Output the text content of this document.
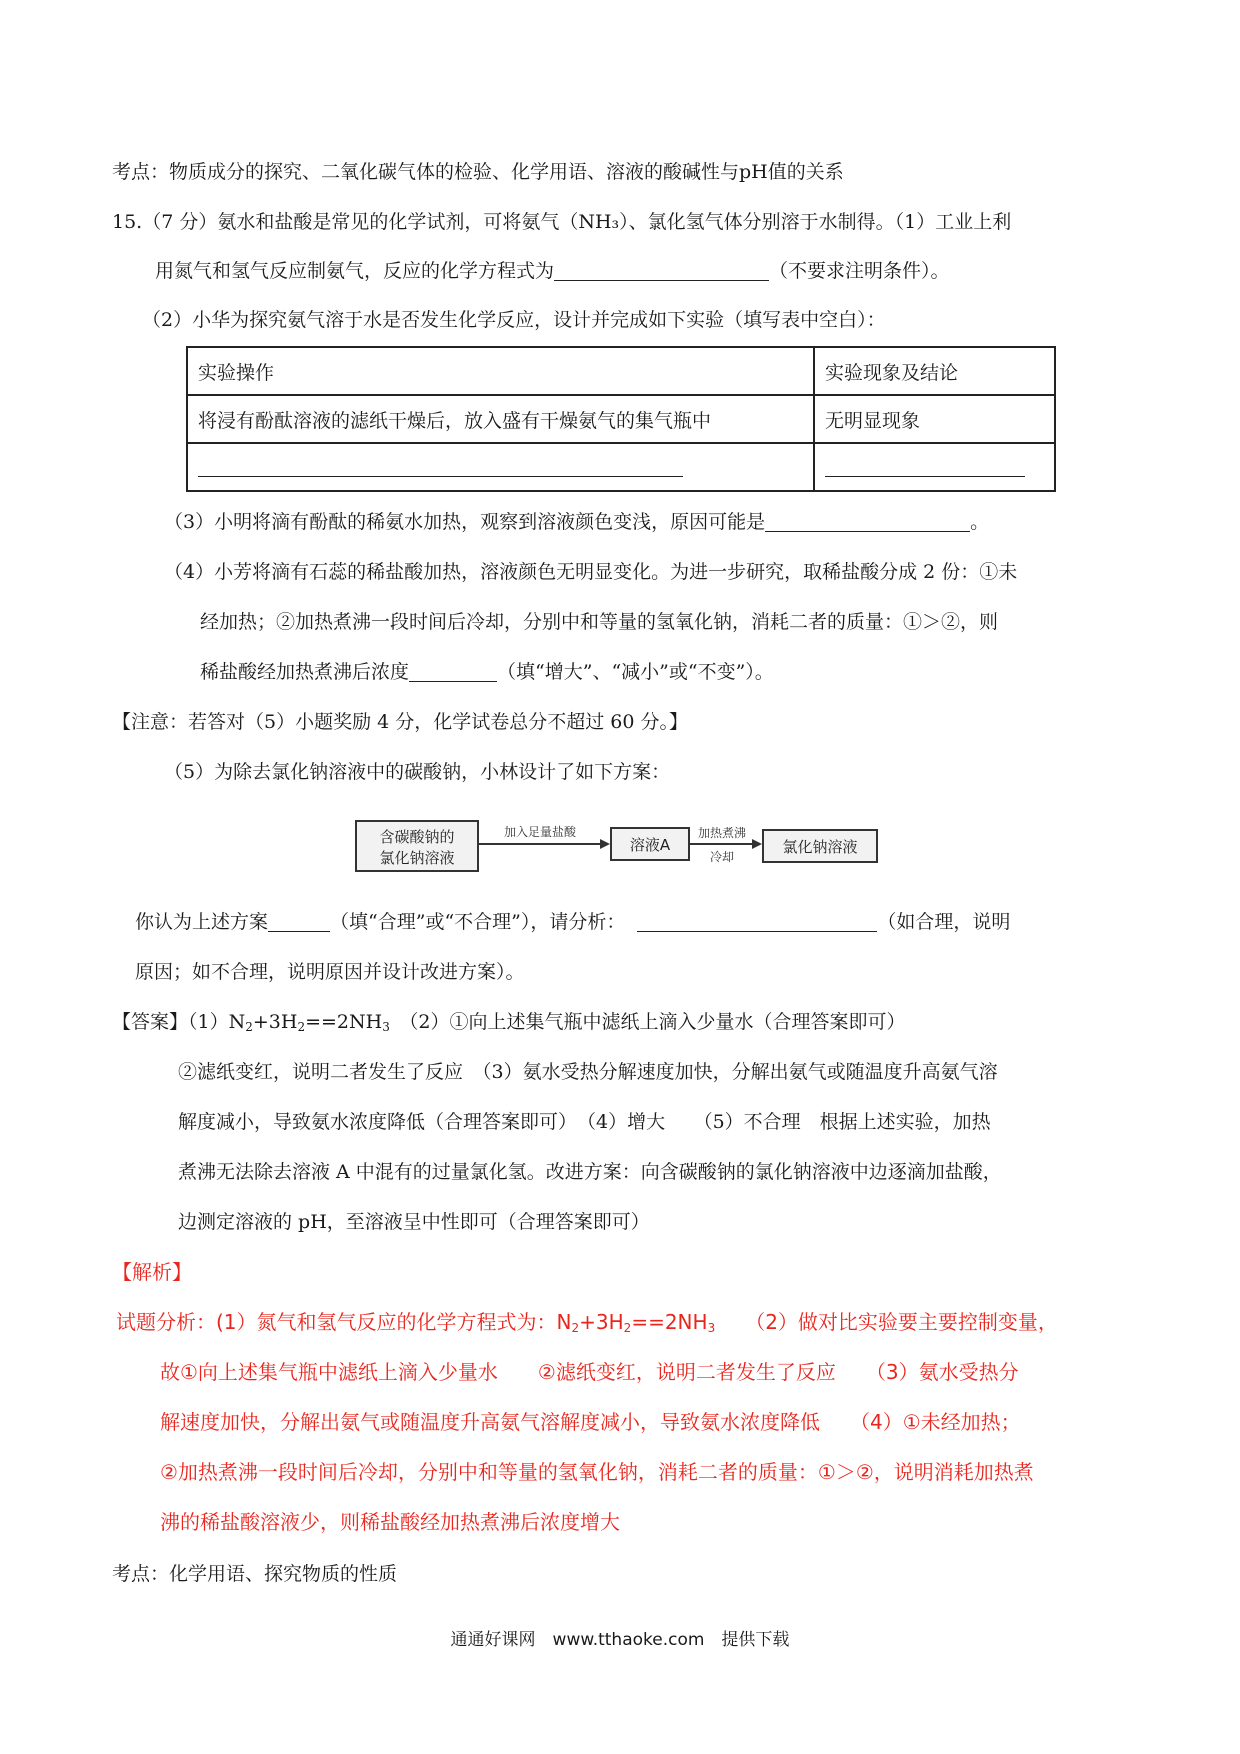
考点：物质成分的探究、二氧化碳气体的检验、化学用语、溶液的酸碱性与pH值的关系
15.（7 分）氨水和盐酸是常见的化学试剂，可将氨气（NH₃）、氯化氢气体分别溶于水制得。（1）工业上利
用氮气和氢气反应制氨气，反应的化学方程式为	（不要求注明条件）。
（2）小华为探究氨气溶于水是否发生化学反应，设计并完成如下实验（填写表中空白）：
实验操作	实验现象及结论
将浸有酚酞溶液的滤纸干燥后，放入盛有干燥氨气的集气瓶中	无明显现象

（3）小明将滴有酚酞的稀氨水加热，观察到溶液颜色变浅，原因可能是	。
（4）小芳将滴有石蕊的稀盐酸加热，溶液颜色无明显变化。为进一步研究，取稀盐酸分成 2 份：①未
经加热；②加热煮沸一段时间后冷却，分别中和等量的氢氧化钠，消耗二者的质量：①＞②，则
稀盐酸经加热煮沸后浓度	（填“增大”、“减小”或“不变”）。
【注意：若答对（5）小题奖励 4 分，化学试卷总分不超过 60 分。】
（5）为除去氯化钠溶液中的碳酸钠，小林设计了如下方案：
含碳酸钠的
氯化钠溶液
加入足量盐酸
溶液A
加热煮沸
冷却
氯化钠溶液
你认为上述方案	（填“合理”或“不合理”），请分析：	（如合理，说明
原因；如不合理，说明原因并设计改进方案）。
【答案】$(1)N_2+3H_2==2NH_3$　 （2）①向上述集气瓶中滤纸上滴入少量水（合理答案即可）
②滤纸变红，说明二者发生了反应　（3）氨水受热分解速度加快，分解出氨气或随温度升高氨气溶
解度减小，导致氨水浓度降低（合理答案即可）　（4）增大　　（5）不合理　根据上述实验，加热
煮沸无法除去溶液 A 中混有的过量氯化氢。改进方案：向含碳酸钠的氯化钠溶液中边逐滴加盐酸，
边测定溶液的 pH，至溶液呈中性即可（合理答案即可）
【解析】
试题分析：(1）氮气和氢气反应的化学方程式为：$N_2+3H_2==2NH_3$　　 （2）做对比实验要主要控制变量，
故①向上述集气瓶中滤纸上滴入少量水　　②滤纸变红，说明二者发生了反应　　（3）氨水受热分
解速度加快，分解出氨气或随温度升高氨气溶解度减小，导致氨水浓度降低　　（4）①未经加热；
②加热煮沸一段时间后冷却，分别中和等量的氢氧化钠，消耗二者的质量：①＞②，说明消耗加热煮
沸的稀盐酸溶液少，则稀盐酸经加热煮沸后浓度增大
考点：化学用语、探究物质的性质
通通好课网　www.tthaoke.com　提供下载
